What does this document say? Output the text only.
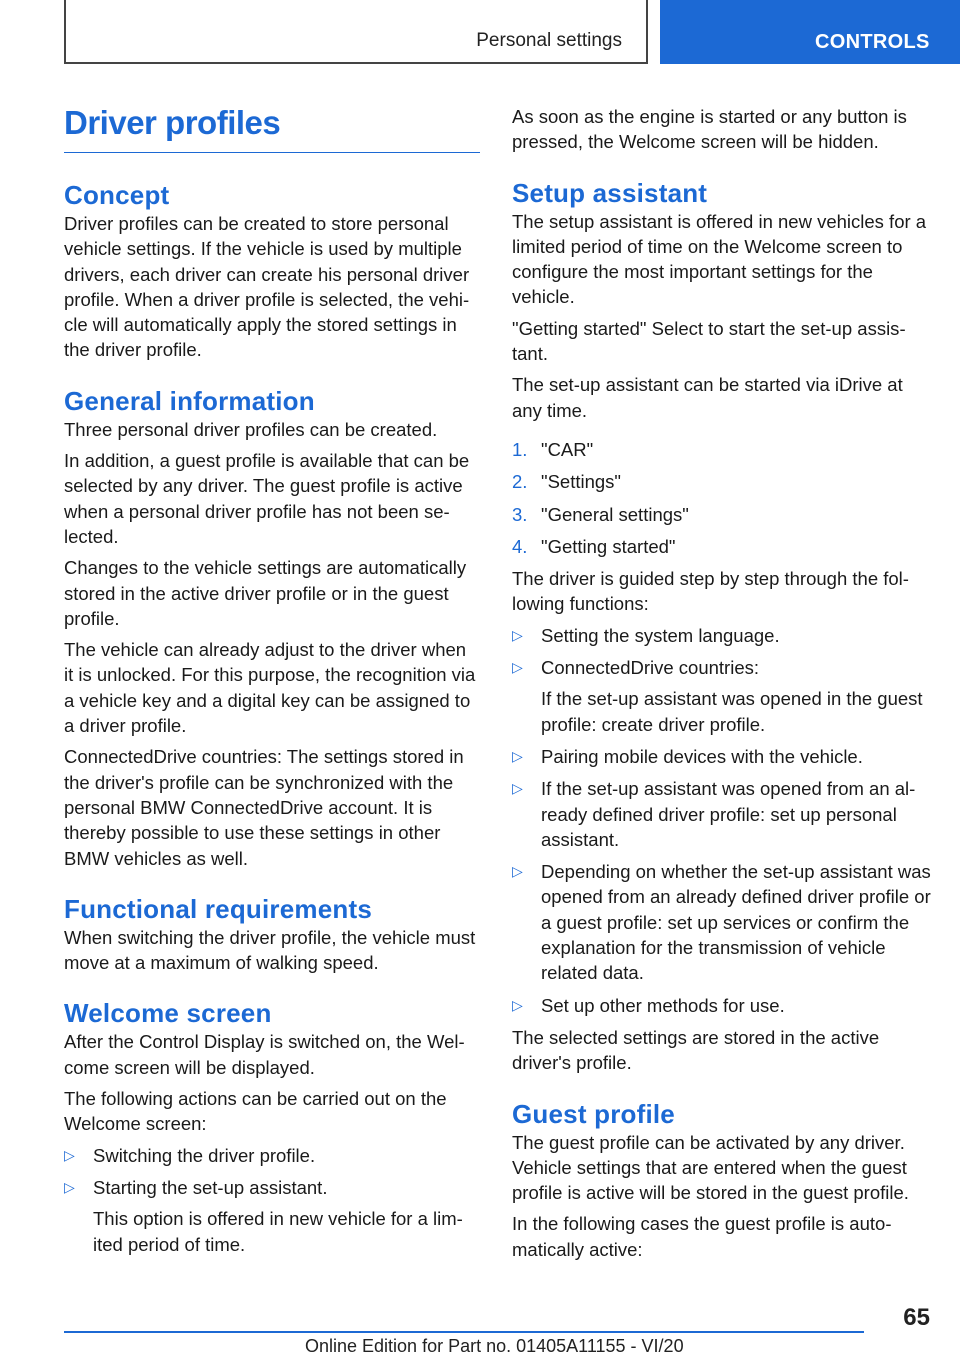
Personal settings	CONTROLS
Driver profiles
Concept

Driver profiles can be created to store personal vehicle settings. If the vehicle is used by multiple drivers, each driver can create his personal driver profile. When a driver profile is selected, the vehicle will automatically apply the stored settings in the driver profile.

General information

Three personal driver profiles can be created.

In addition, a guest profile is available that can be selected by any driver. The guest profile is active when a personal driver profile has not been selected.

Changes to the vehicle settings are automatically stored in the active driver profile or in the guest profile.

The vehicle can already adjust to the driver when it is unlocked. For this purpose, the recognition via a vehicle key and a digital key can be assigned to a driver profile.

ConnectedDrive countries: The settings stored in the driver's profile can be synchronized with the personal BMW ConnectedDrive account. It is thereby possible to use these settings in other BMW vehicles as well.

Functional requirements

When switching the driver profile, the vehicle must move at a maximum of walking speed.

Welcome screen

After the Control Display is switched on, the Welcome screen will be displayed.

The following actions can be carried out on the Welcome screen:

▷ Switching the driver profile.
▷ Starting the set-up assistant.
This option is offered in new vehicle for a limited period of time.

As soon as the engine is started or any button is pressed, the Welcome screen will be hidden.

Setup assistant

The setup assistant is offered in new vehicles for a limited period of time on the Welcome screen to configure the most important settings for the vehicle.

"Getting started" Select to start the set-up assistant.

The set-up assistant can be started via iDrive at any time.

1. "CAR"
2. "Settings"
3. "General settings"
4. "Getting started"

The driver is guided step by step through the following functions:

▷ Setting the system language.
▷ ConnectedDrive countries:
If the set-up assistant was opened in the guest profile: create driver profile.
▷ Pairing mobile devices with the vehicle.
▷ If the set-up assistant was opened from an already defined driver profile: set up personal assistant.
▷ Depending on whether the set-up assistant was opened from an already defined driver profile or a guest profile: set up services or confirm the explanation for the transmission of vehicle related data.
▷ Set up other methods for use.

The selected settings are stored in the active driver's profile.

Guest profile

The guest profile can be activated by any driver. Vehicle settings that are entered when the guest profile is active will be stored in the guest profile.

In the following cases the guest profile is automatically active:

65
Online Edition for Part no. 01405A11155 - VI/20
